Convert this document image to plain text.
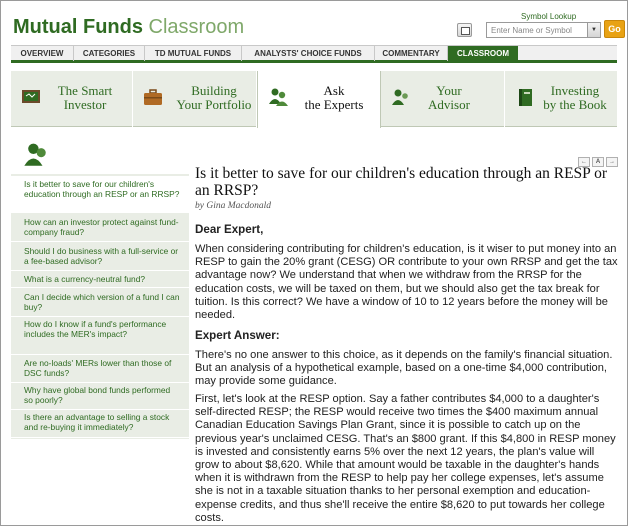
Mutual Funds Classroom	Symbol Lookup
Enter Name or Symbol	▼	Go
OVERVIEW	CATEGORIES	TD MUTUAL FUNDS	ANALYSTS' CHOICE FUNDS	COMMENTARY	CLASSROOM
The Smart
Investor
Building
Your Portfolio
Ask
the Experts
Your
Advisor
Investing
by the Book
Is it better to save for our children's education through an RESP or an RRSP?
How can an investor protect against fund-company fraud?
Should I do business with a full-service or a fee-based advisor?
What is a currency-neutral fund?
Can I decide which version of a fund I can buy?
How do I know if a fund's performance includes the MER's impact?
Are no-loads' MERs lower than those of DSC funds?
Why have global bond funds performed so poorly?
Is there an advantage to selling a stock and re-buying it immediately?
←	A	→
Is it better to save for our children's education through an RESP or an RRSP?
by Gina Macdonald
Dear Expert,
When considering contributing for children's education, is it wiser to put money into an RESP to gain the 20% grant (CESG) OR contribute to your own RRSP and get the tax advantage now? We understand that when we withdraw from the RRSP for the education costs, we will be taxed on them, but we should also get the tax break for tuition. Is this correct? We have a window of 10 to 12 years before the money will be needed.
Expert Answer:
There's no one answer to this choice, as it depends on the family's financial situation. But an analysis of a hypothetical example, based on a one-time $4,000 contribution, may provide some guidance.
First, let's look at the RESP option. Say a father contributes $4,000 to a daughter's self-directed RESP; the RESP would receive two times the $400 maximum annual Canadian Education Savings Plan Grant, since it is possible to catch up on the previous year's unclaimed CESG. That's an $800 grant. If this $4,800 in RESP money is invested and consistently earns 5% over the next 12 years, the plan's value will grow to about $8,620. While that amount would be taxable in the daughter's hands when it is withdrawn from the RESP to help pay her college expenses, let's assume she is not in a taxable situation thanks to her personal exemption and education-expense credits, and thus she'll receive the entire $8,620 to put towards her college costs.
